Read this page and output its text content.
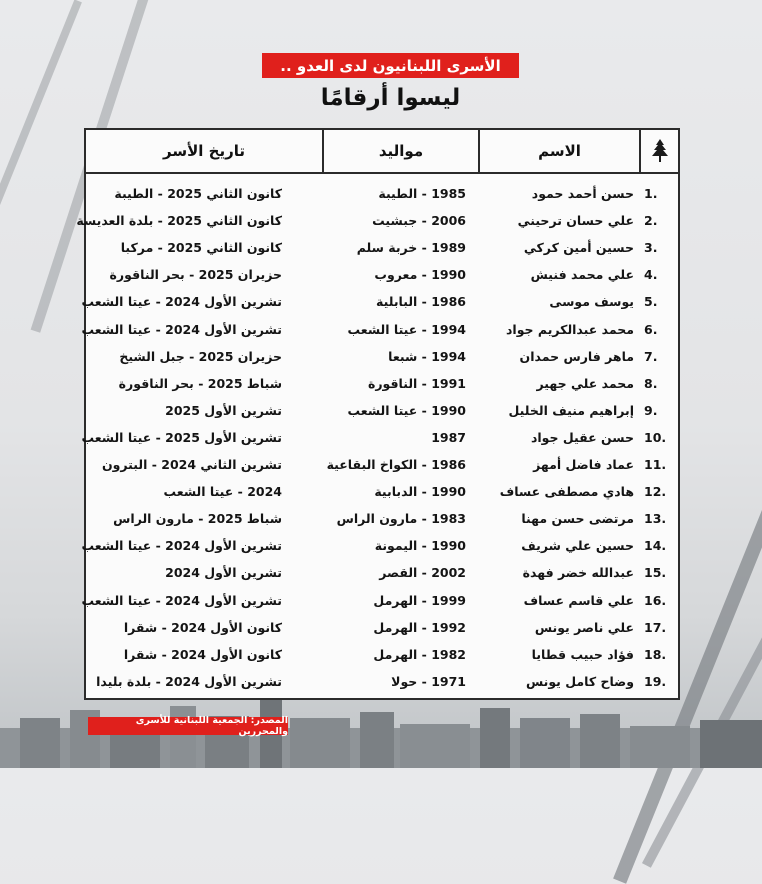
الأسرى اللبنانيون لدى العدو ..
ليسوا أرقامًا
الاسم
مواليد
تاريخ الأسر
1.
حسن أحمد حمود
1985 - الطيبة
كانون الثاني 2025 - الطيبة
2.
علي حسان ترحيني
2006 - جبشيت
كانون الثاني 2025 - بلدة العديسة
3.
حسين أمين كركي
1989 - خربة سلم
كانون الثاني 2025 - مركبا
4.
علي محمد فنيش
1990 - معروب
حزيران 2025 - بحر الناقورة
5.
يوسف موسى
1986 - البابلية
تشرين الأول 2024 - عيتا الشعب
6.
محمد عبدالكريم جواد
1994 - عيتا الشعب
تشرين الأول 2024 - عيتا الشعب
7.
ماهر فارس حمدان
1994 - شبعا
حزيران 2025 - جبل الشيخ
8.
محمد علي جهير
1991 - الناقورة
شباط 2025 - بحر الناقورة
9.
إبراهيم منيف الخليل
1990 - عيتا الشعب
تشرين الأول 2025
10.
حسن عقيل جواد
1987
تشرين الأول 2025 - عيتا الشعب
11.
عماد فاضل أمهز
1986 - الكواخ البقاعية
تشرين الثاني 2024 - البترون
12.
هادي مصطفى عساف
1990 - الدبابية
2024 - عيتا الشعب
13.
مرتضى حسن مهنا
1983 - مارون الراس
شباط 2025 - مارون الراس
14.
حسين علي شريف
1990 - اليمونة
تشرين الأول 2024 - عيتا الشعب
15.
عبدالله خضر فهدة
2002 - القصر
تشرين الأول 2024
16.
علي قاسم عساف
1999 - الهرمل
تشرين الأول 2024 - عيتا الشعب
17.
علي ناصر يونس
1992 - الهرمل
كانون الأول 2024 - شقرا
18.
فؤاد حبيب قطايا
1982 - الهرمل
كانون الأول 2024 - شقرا
19.
وضاح كامل يونس
1971 - حولا
تشرين الأول 2024 - بلدة بليدا
المصدر: الجمعية اللبنانية للأسرى والمحررين
